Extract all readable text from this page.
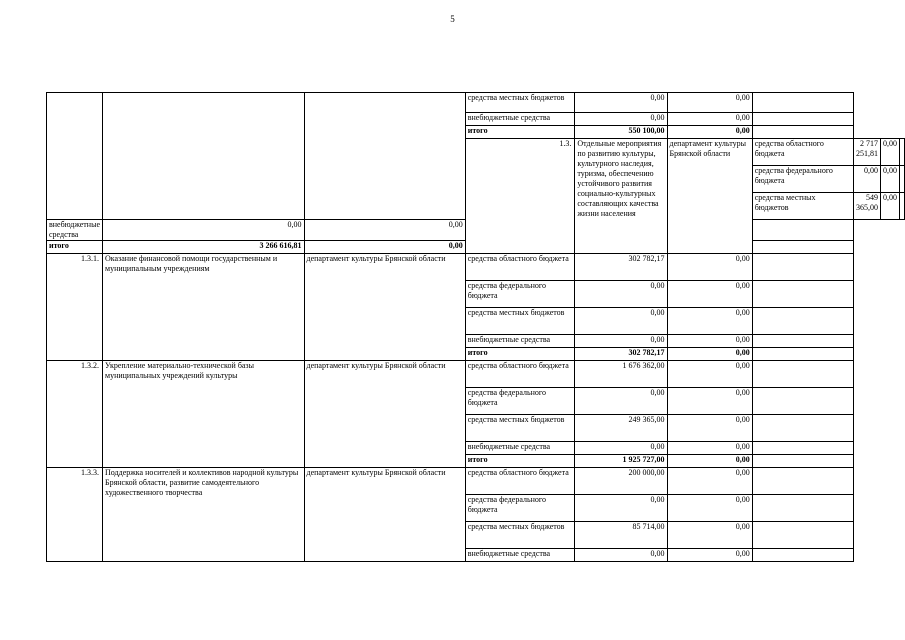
5
			средства местных бюджетов	0,00	0,00				
			внебюджетные средства	0,00	0,00				
			итого	550 100,00	0,00				
			1.3.	Отдельные мероприятия по развитию культуры, культурного наследия, туризма, обеспечению устойчивого развития социально-культурных составляющих качества жизни населения	департамент культуры Брянской области	средства областного бюджета	2 717 251,81	0,00	
						средства федерального бюджета	0,00	0,00	
						средства местных бюджетов	549 365,00	0,00	
внебюджетные средства	0,00	0,00							
итого	3 266 616,81	0,00							
1.3.1.	Оказание финансовой помощи государственным и муниципальным учреждениям	департамент культуры Брянской области	средства областного бюджета	302 782,17	0,00				
			средства федерального бюджета	0,00	0,00				
			средства местных бюджетов	0,00	0,00				
			внебюджетные средства	0,00	0,00				
			итого	302 782,17	0,00				
1.3.2.	Укрепление материально-технической базы муниципальных учреждений культуры	департамент культуры Брянской области	средства областного бюджета	1 676 362,00	0,00				
			средства федерального бюджета	0,00	0,00				
			средства местных бюджетов	249 365,00	0,00				
			внебюджетные средства	0,00	0,00				
			итого	1 925 727,00	0,00				
1.3.3.	Поддержка носителей и коллективов народной культуры Брянской области, развитие самодеятельного художественного творчества	департамент культуры Брянской области	средства областного бюджета	200 000,00	0,00				
			средства федерального бюджета	0,00	0,00				
			средства местных бюджетов	85 714,00	0,00				
			внебюджетные средства	0,00	0,00				
